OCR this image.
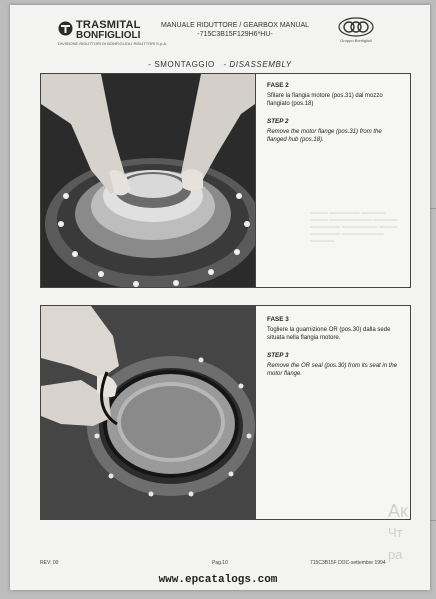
TRASMITAL
BONFIGLIOLI
DIVISIONE RIDUTTORI DI BONFIGLIOLI RIDUTTORI S.p.A.
MANUALE RIDUTTORE / GEARBOX MANUAL
-715C3B15F129H6*HU-
Gruppo Bonfiglioli
- SMONTAGGIO - DISASSEMBLY
FASE 2
Sfilare la flangia motore (pos.31) dal mozzo flangiato (pos.18)
STEP 2
Remove the motor flange (pos.31) from the flanged hub (pos.18).
▬▬▬ ▬▬▬▬▬ ▬▬▬▬ ▬▬▬ ▬▬▬▬▬▬▬ ▬▬▬▬ ▬▬▬▬▬ ▬▬▬▬▬▬ ▬▬▬ ▬▬▬▬▬ ▬▬▬▬▬▬▬ ▬▬▬▬
FASE 3
Togliere la guarnizione OR (pos.30) dalla sede situata nella flangia motore.
STEP 3
Remove the OR seal (pos.30) from its seat in the motor flange.
REV: 00	Pag.10	715C3B15F DOC-settembre 1994
Ак
Чт
ра
www.epcatalogs.com
